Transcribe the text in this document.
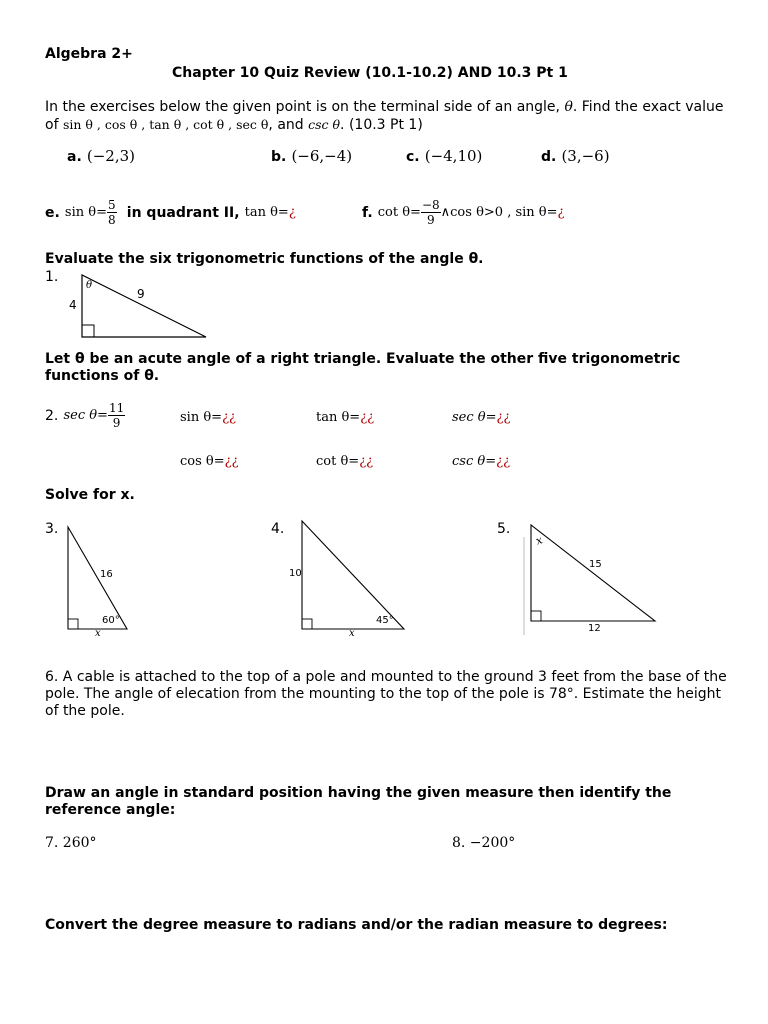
Algebra 2+
Chapter 10 Quiz Review (10.1-10.2) AND 10.3 Pt 1
In the exercises below the given point is on the terminal side of an angle, θ. Find the exact value
of sin θ , cos θ , tan θ , cot θ , sec θ, and csc θ. (10.3 Pt 1)
a. (−2,3)	b. (−6,−4)	c. (−4,10)	d. (3,−6)
e.
$\sin \theta= \frac{5}{8}$
in quadrant II,
tan θ= ¿	f.
$\cot \theta= \frac{-8}{9}$ ∧cos θ>0 , sin θ= ¿
Evaluate the six trigonometric functions of the angle θ.
1.
4
9
θ
Let θ be an acute angle of a right triangle. Evaluate the other five trigonometric
functions of θ.
2.
$\sec \theta= \frac{11}{9}$	sin θ=¿¿	tan θ=¿¿	sec θ=¿¿
cos θ=¿¿	cot θ=¿¿	csc θ=¿¿
Solve for x.
3.	4.	5.
16
60°
x
10
45°
x
15
12
x
6. A cable is attached to the top of a pole and mounted to the ground 3 feet from the base of the
pole. The angle of elecation from the mounting to the top of the pole is 78°. Estimate the height
of the pole.
Draw an angle in standard position having the given measure then identify the
reference angle:
7. 260°	8. −200°
Convert the degree measure to radians and/or the radian measure to degrees:
